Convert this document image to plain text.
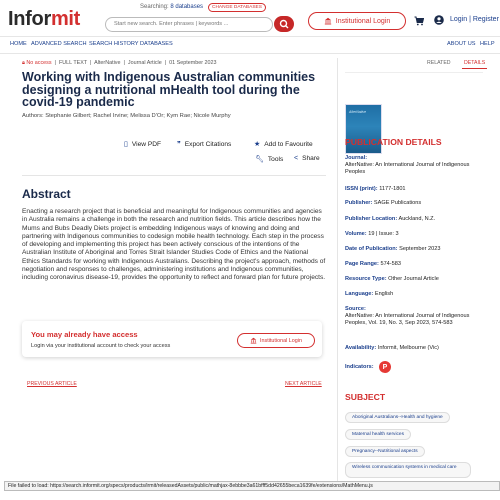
Informit
Searching: 8 databases	CHANGE DATABASES
Start new search. Enter phrases | keywords ...	Institutional Login	Login | Register
HOME ADVANCED SEARCH SEARCH HISTORY DATABASES	ABOUT US HELP
🔒︎ No access  |  FULL TEXT  |  AlterNative  |  Journal Article  |  01 September 2023
Working with Indigenous Australian communities designing a nutritional mHealth tool during the covid-19 pandemic
Authors: Stephanie Gilbert; Rachel Irvine; Melissa D'Or; Kym Rae; Nicole Murphy
▯ View PDF ❞ Export Citations	★ Add to Favourite
🔧︎ Tools < Share
Abstract
Enacting a research project that is beneficial and meaningful for Indigenous communities and agencies in Australia remains a challenge in both the research and nutrition fields. This article describes how the Mums and Bubs Deadly Diets project is embedding Indigenous ways of knowing and doing and partnering with Indigenous communities to codesign mobile health technology. Each step in the process of developing and implementing this project has been actively conscious of the intentions of the Australian Institute of Aboriginal and Torres Strait Islander Studies Code of Ethics and the National Ethics Standards for working with Indigenous Australians. Describing the project's approach, methods of negotiation and responses to challenges, administering institutions and Indigenous communities, including coronavirus disease-19, provides the opportunity to reflect and forward plan for future projects.
You may already have access
Login via your institutional account to check your access
Institutional Login
PREVIOUS ARTICLE	NEXT ARTICLE
RELATED	DETAILS
AlterNative
PUBLICATION DETAILS
Journal:
AlterNative: An International Journal of Indigenous Peoples
ISSN (print): 1177-1801
Publisher: SAGE Publications
Publisher Location: Auckland, N.Z.
Volume: 19 | Issue: 3
Date of Publication: September 2023
Page Range: 574-583
Resource Type: Other Journal Article
Language: English
Source:
AlterNative: An International Journal of Indigenous Peoples, Vol. 19, No. 3, Sep 2023, 574-583
Availability: Informit, Melbourne (Vic)
Indicators:	P
SUBJECT
Aboriginal Australians--Health and hygiene
Maternal health services
Pregnancy--Nutritional aspects
Wireless communication systems in medical care
File failed to load: https://search.informit.org/specs/products/irmit/releasedAssets/public/mathjax-8ebbbe3a61bfff5dd42655beca1639fe/extensions/MathMenu.js
